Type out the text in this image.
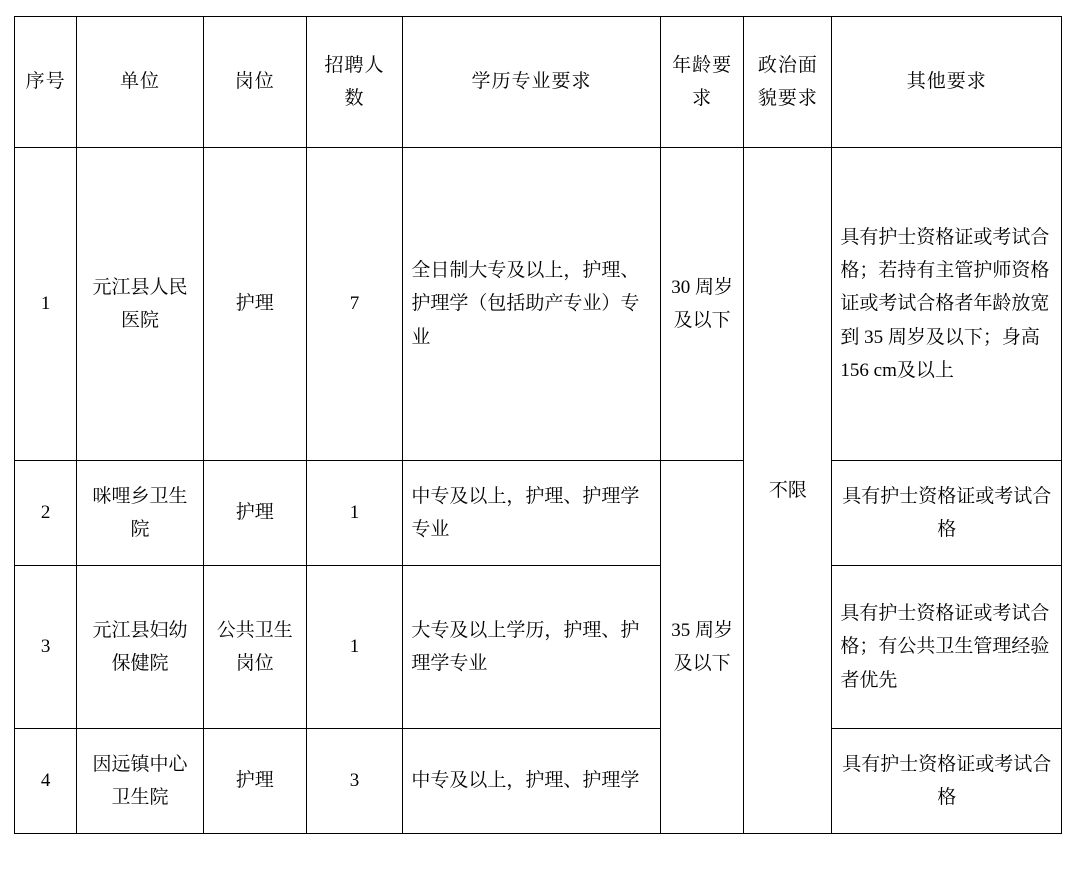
序号	单位	岗位	招聘人数	学历专业要求	年龄要求	政治面貌要求	其他要求
1	元江县人民医院	护理	7	全日制大专及以上，护理、护理学（包括助产专业）专业	30 周岁及以下	不限	具有护士资格证或考试合格；若持有主管护师资格证或考试合格者年龄放宽到 35 周岁及以下；身高 156 cm及以上
2	咪哩乡卫生院	护理	1	中专及以上，护理、护理学专业	35 周岁及以下		具有护士资格证或考试合格
3	元江县妇幼保健院	公共卫生岗位	1	大专及以上学历，护理、护理学专业			具有护士资格证或考试合格；有公共卫生管理经验者优先
4	因远镇中心卫生院	护理	3	中专及以上，护理、护理学			具有护士资格证或考试合格
